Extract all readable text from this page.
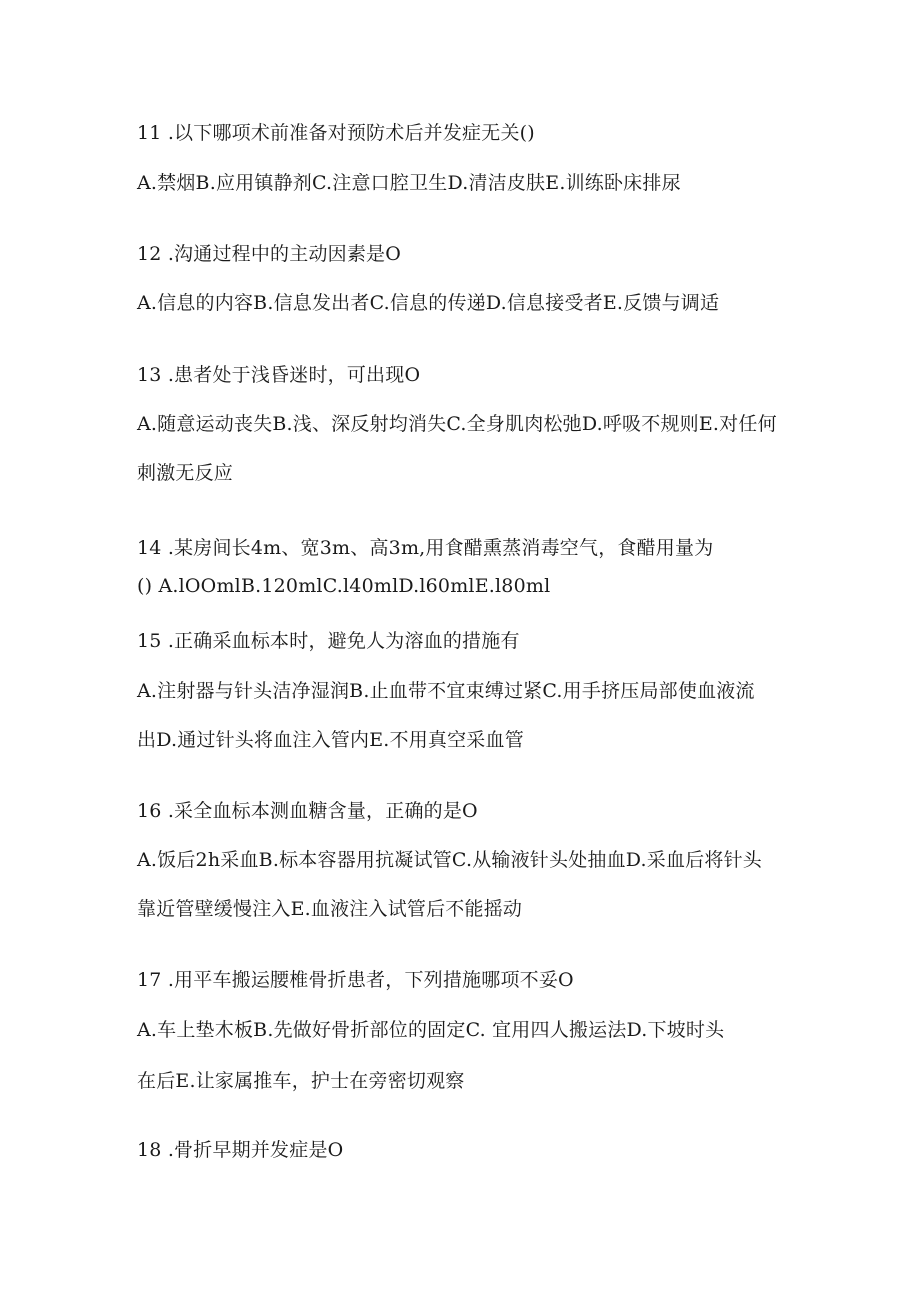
11 .以下哪项术前准备对预防术后并发症无关()
A.禁烟B.应用镇静剂C.注意口腔卫生D.清洁皮肤E.训练卧床排尿
12 .沟通过程中的主动因素是O
A.信息的内容B.信息发出者C.信息的传递D.信息接受者E.反馈与调适
13 .患者处于浅昏迷时，可出现O
A.随意运动丧失B.浅、深反射均消失C.全身肌肉松弛D.呼吸不规则E.对任何
刺激无反应
14 .某房间长4m、宽3m、高3m,用食醋熏蒸消毒空气，食醋用量为
() A.lOOmlB.120mlC.l40mlD.l60mlE.l80ml
15 .正确采血标本时，避免人为溶血的措施有
A.注射器与针头洁净湿润B.止血带不宜束缚过紧C.用手挤压局部使血液流
出D.通过针头将血注入管内E.不用真空采血管
16 .采全血标本测血糖含量，正确的是O
A.饭后2h采血B.标本容器用抗凝试管C.从输液针头处抽血D.采血后将针头
靠近管壁缓慢注入E.血液注入试管后不能摇动
17 .用平车搬运腰椎骨折患者，下列措施哪项不妥O
A.车上垫木板B.先做好骨折部位的固定C. 宜用四人搬运法D.下坡时头
在后E.让家属推车，护士在旁密切观察
18 .骨折早期并发症是O
